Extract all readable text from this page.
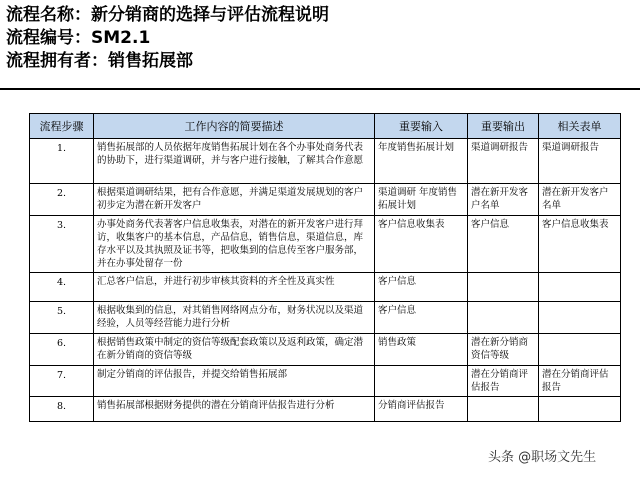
流程名称：新分销商的选择与评估流程说明
流程编号：SM2.1
流程拥有者：销售拓展部
流程步骤	工作内容的简要描述	重要输入	重要输出	相关表单
1.	销售拓展部的人员依据年度销售拓展计划在各个办事处商务代表的协助下，进行渠道调研，并与客户进行接触，了解其合作意愿	年度销售拓展计划	渠道调研报告	渠道调研报告
2.	根据渠道调研结果，把有合作意愿，并满足渠道发展规划的客户初步定为潜在新开发客户	渠道调研 年度销售拓展计划	潜在新开发客户名单	潜在新开发客户名单
3.	办事处商务代表著客户信息收集表，对潜在的新开发客户进行拜访，收集客户的基本信息，产品信息，销售信息，渠道信息，库存水平以及其执照及证书等，把收集到的信息传至客户服务部，并在办事处留存一份	客户信息收集表	客户信息	客户信息收集表
4.	汇总客户信息，并进行初步审核其资料的齐全性及真实性	客户信息		
5.	根据收集到的信息，对其销售网络网点分布，财务状况以及渠道经验，人员等经营能力进行分析	客户信息		
6.	根据销售政策中制定的资信等级配套政策以及返利政策，确定潜在新分销商的资信等级	销售政策	潜在新分销商资信等级	
7.	制定分销商的评估报告，并提交给销售拓展部		潜在分销商评估报告	潜在分销商评估报告
8.	销售拓展部根据财务提供的潜在分销商评估报告进行分析	分销商评估报告		
头条 @职场文先生
